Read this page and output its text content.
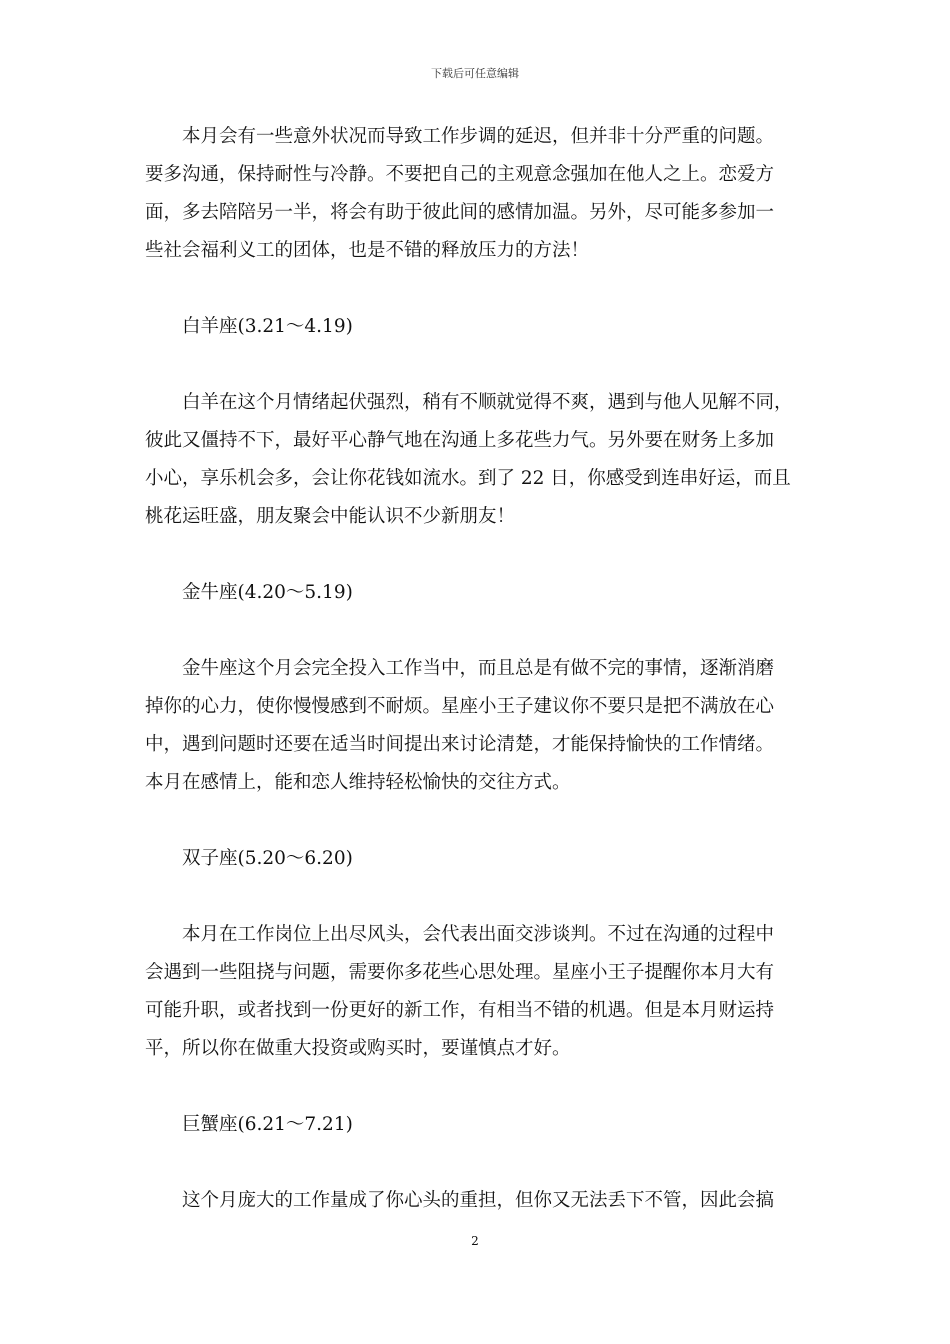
下载后可任意编辑
本月会有一些意外状况而导致工作步调的延迟，但并非十分严重的问题。
要多沟通，保持耐性与冷静。不要把自己的主观意念强加在他人之上。恋爱方
面，多去陪陪另一半，将会有助于彼此间的感情加温。另外，尽可能多参加一
些社会福利义工的团体，也是不错的释放压力的方法！
白羊座(3.21～4.19)
白羊在这个月情绪起伏强烈，稍有不顺就觉得不爽，遇到与他人见解不同，
彼此又僵持不下，最好平心静气地在沟通上多花些力气。另外要在财务上多加
小心，享乐机会多，会让你花钱如流水。到了 22 日，你感受到连串好运，而且
桃花运旺盛，朋友聚会中能认识不少新朋友！
金牛座(4.20～5.19)
金牛座这个月会完全投入工作当中，而且总是有做不完的事情，逐渐消磨
掉你的心力，使你慢慢感到不耐烦。星座小王子建议你不要只是把不满放在心
中，遇到问题时还要在适当时间提出来讨论清楚，才能保持愉快的工作情绪。
本月在感情上，能和恋人维持轻松愉快的交往方式。
双子座(5.20～6.20)
本月在工作岗位上出尽风头，会代表出面交涉谈判。不过在沟通的过程中
会遇到一些阻挠与问题，需要你多花些心思处理。星座小王子提醒你本月大有
可能升职，或者找到一份更好的新工作，有相当不错的机遇。但是本月财运持
平，所以你在做重大投资或购买时，要谨慎点才好。
巨蟹座(6.21～7.21)
这个月庞大的工作量成了你心头的重担，但你又无法丢下不管，因此会搞
2
